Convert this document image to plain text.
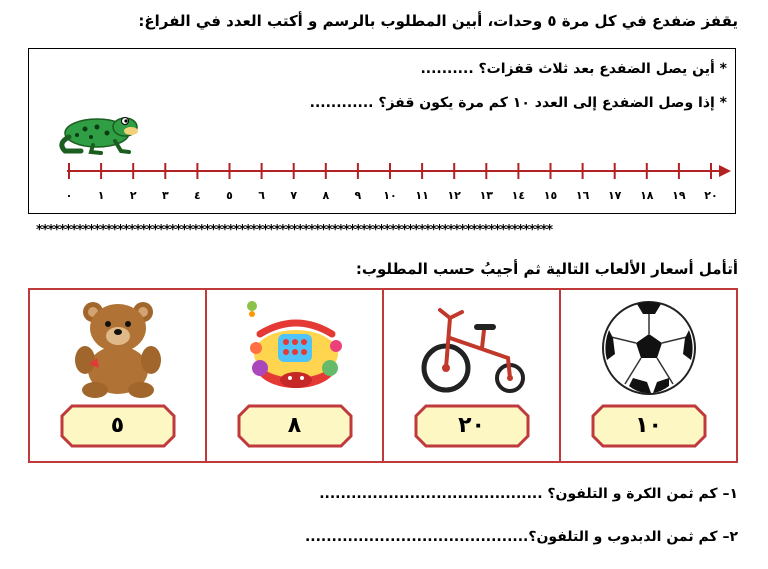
يقفز ضفدع في كل مرة ٥ وحدات، أبين المطلوب بالرسم و أكتب العدد في الفراغ:
* أين يصل الضفدع بعد ثلاث قفزات؟ ..........
* إذا وصل الضفدع إلى العدد ١٠ كم مرة يكون قفز؟ ............
٠ ١ ٢ ٣ ٤ ٥ ٦ ٧ ٨ ٩ ١٠ ١١ ١٢ ١٣ ١٤ ١٥ ١٦ ١٧ ١٨ ١٩ ٢٠
*****************************************************************************************
أتأمل أسعار الألعاب التالية ثم أجيبُ حسب المطلوب:
١٠
٢٠
٨
٥
١– كم ثمن الكرة و التلفون؟ ..........................................
٢– كم ثمن الدبدوب و التلفون؟..........................................
